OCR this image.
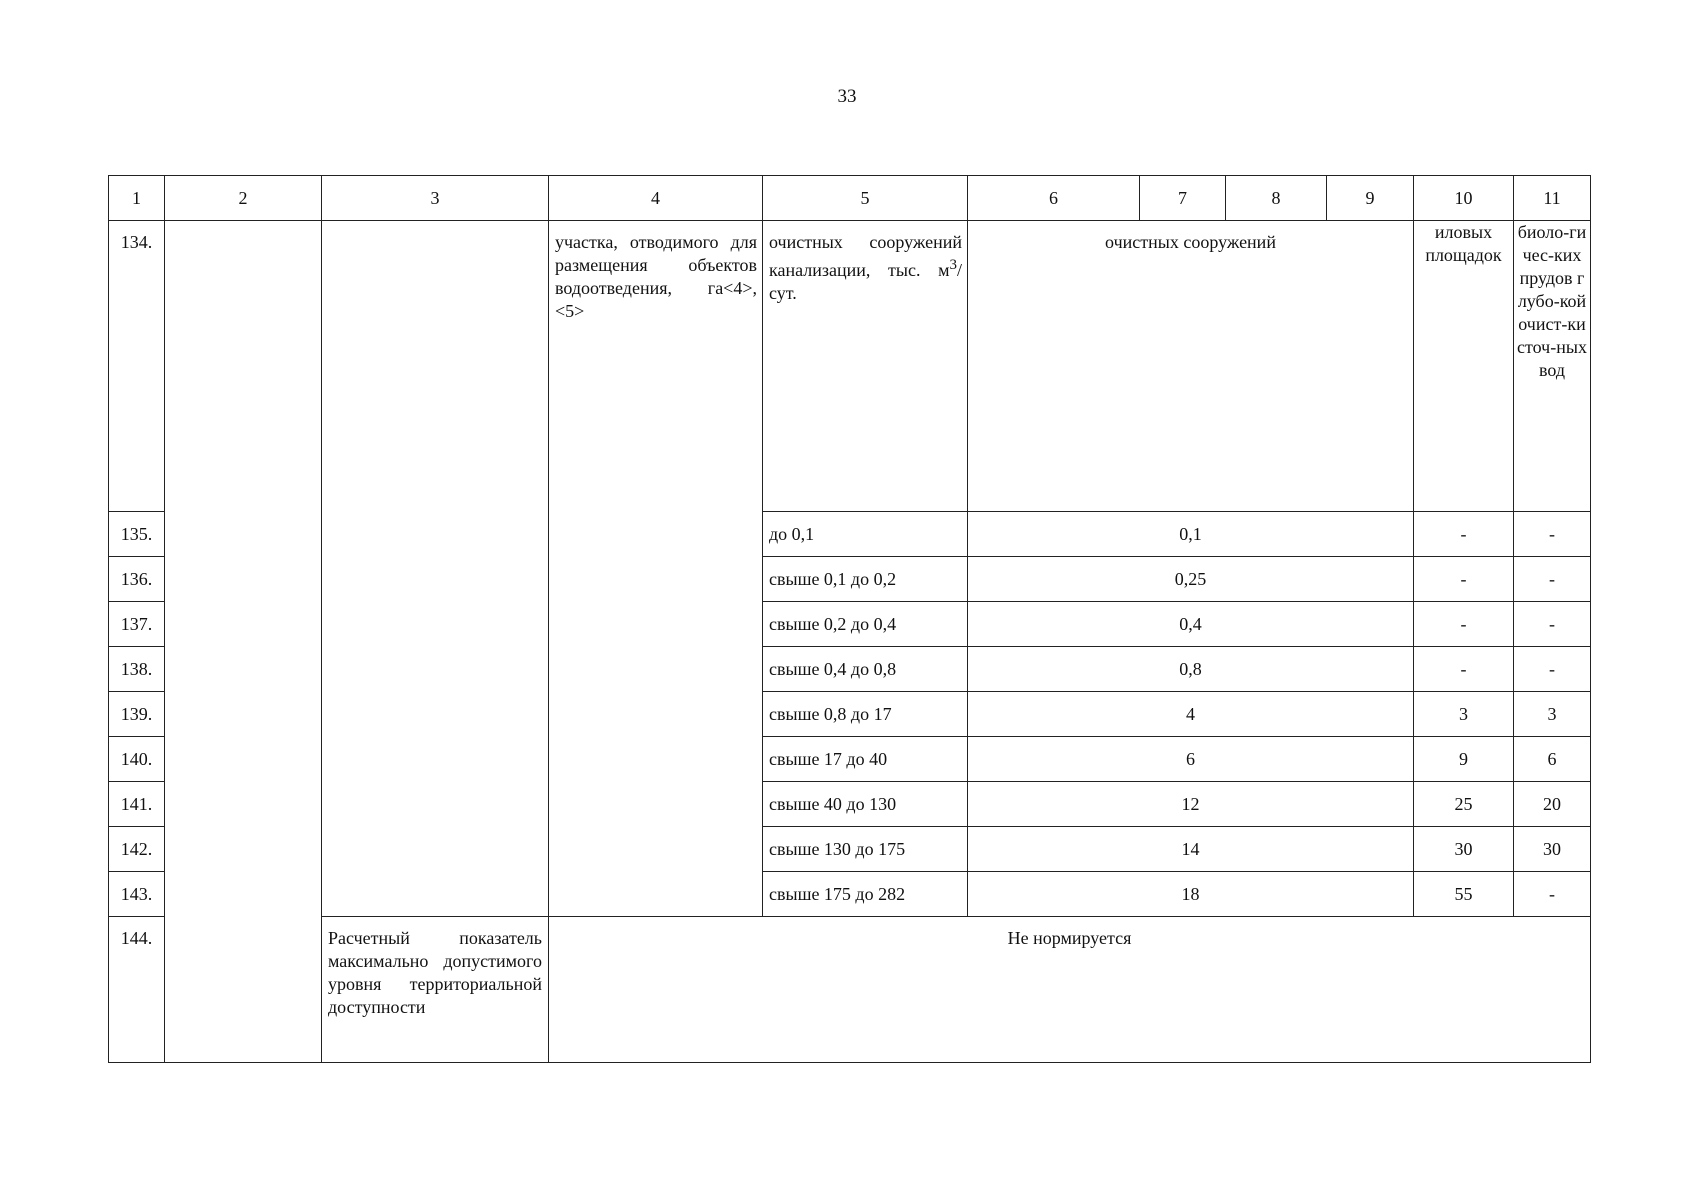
33
1	2	3	4	5	6	7	8	9	10	11
134.			участка, отводимого для размещения объектов водоотведения, га<4>, <5>	очистных сооружений канализации, тыс. $м^3$/сут.	очистных сооружений				иловых площадок	биоло-гичес-ких прудов глубо-кой очист-ки сточ-ных вод
135.				до 0,1	0,1				-	-
136.				свыше 0,1 до 0,2	0,25				-	-
137.				свыше 0,2 до 0,4	0,4				-	-
138.				свыше 0,4 до 0,8	0,8				-	-
139.				свыше 0,8 до 17	4				3	3
140.				свыше 17 до 40	6				9	6
141.				свыше 40 до 130	12				25	20
142.				свыше 130 до 175	14				30	30
143.				свыше 175 до 282	18				55	-
144.		Расчетный показатель максимально допустимого уровня территориальной доступности	Не нормируется							
